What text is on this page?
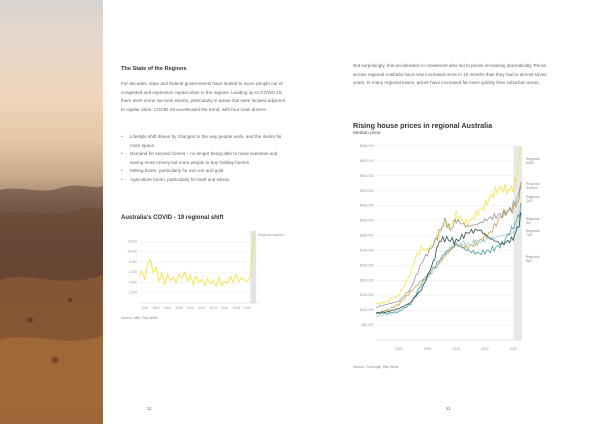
The State of the Regions
For decades, state and federal governments have looked to move people out of congested and expensive capital cities to the regions. Leading up to COVID-19, there were some success stories, particularly in areas that were located adjacent to capital cities. COVID-19 accelerated the trend, with four main drivers:
• Lifestyle shift driven by changes to the way people work, and the desire for more space
• Demand for second homes – no longer being able to head overseas and saving more money led more people to buy holiday homes
• Mining boom, particularly for iron ore and gold
• Agriculture boom, particularly for beef and wheat.
Australia's COVID - 19 regional shift
12,000
10,000
8,000
6,000
4,000
2,000
2002 2004 2006 2008 2010 2012 2014 2016 2018 2020
Regional migration
Source: ABS, Ray White
11
Not surprisingly, this acceleration in movement also led to prices increasing dramatically. Prices across regional Australia have now increased more in 15 months than they had in almost seven years. In many regional towns, prices have increased far more quickly than suburban areas.
Rising house prices in regional Australia
Median price
$650,000
$600,000
$550,000
$500,000
$450,000
$400,000
$350,000
$300,000
$250,000
$200,000
$150,000
$100,000
$50,000
2000	2005	2010	2015	2020
Regional
NSW
Regional
Victoria
Regional
QLD
Regional
SA
Regional
TAS
Regional
WA
Source: CoreLogic, Ray White
11
